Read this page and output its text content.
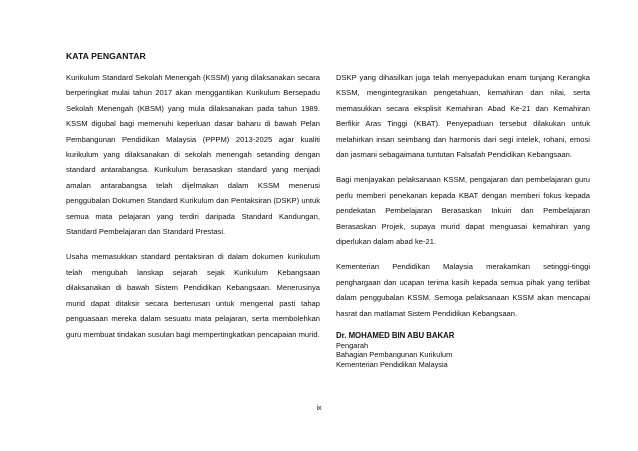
KATA PENGANTAR

Kurikulum Standard Sekolah Menengah (KSSM) yang dilaksanakan secara berperingkat mulai tahun 2017 akan menggantikan Kurikulum Bersepadu Sekolah Menengah (KBSM) yang mula dilaksanakan pada tahun 1989. KSSM digubal bagi memenuhi keperluan dasar baharu di bawah Pelan Pembangunan Pendidikan Malaysia (PPPM) 2013-2025 agar kualiti kurikulum yang dilaksanakan di sekolah menengah setanding dengan standard antarabangsa. Kurikulum berasaskan standard yang menjadi amalan antarabangsa telah dijelmakan dalam KSSM menerusi penggubalan Dokumen Standard Kurikulum dan Pentaksiran (DSKP) untuk semua mata pelajaran yang terdiri daripada Standard Kandungan, Standard Pembelajaran dan Standard Prestasi.

Usaha memasukkan standard pentaksiran di dalam dokumen kurikulum telah mengubah lanskap sejarah sejak Kurikulum Kebangsaan dilaksanakan di bawah Sistem Pendidikan Kebangsaan. Menerusinya murid dapat ditaksir secara berterusan untuk mengenal pasti tahap penguasaan mereka dalam sesuatu mata pelajaran, serta membolehkan guru membuat tindakan susulan bagi mempertingkatkan pencapaian murid.

DSKP yang dihasilkan juga telah menyepadukan enam tunjang Kerangka KSSM, mengintegrasikan pengetahuan, kemahiran dan nilai, serta memasukkan secara eksplisit Kemahiran Abad Ke-21 dan Kemahiran Berfikir Aras Tinggi (KBAT). Penyepaduan tersebut dilakukan untuk melahirkan insan seimbang dan harmonis dari segi intelek, rohani, emosi dan jasmani sebagaimana tuntutan Falsafah Pendidikan Kebangsaan.

Bagi menjayakan pelaksanaan KSSM, pengajaran dan pembelajaran guru perlu memberi penekanan kepada KBAT dengan memberi fokus kepada pendekatan Pembelajaran Berasaskan Inkuiri dan Pembelajaran Berasaskan Projek, supaya murid dapat menguasai kemahiran yang diperlukan dalam abad ke-21.

Kementerian Pendidikan Malaysia merakamkan setinggi-tinggi penghargaan dan ucapan terima kasih kepada semua pihak yang terlibat dalam penggubalan KSSM. Semoga pelaksanaan KSSM akan mencapai hasrat dan matlamat Sistem Pendidikan Kebangsaan.

Dr. MOHAMED BIN ABU BAKAR
Pengarah
Bahagian Pembangunan Kurikulum
Kementerian Pendidikan Malaysia
ix
